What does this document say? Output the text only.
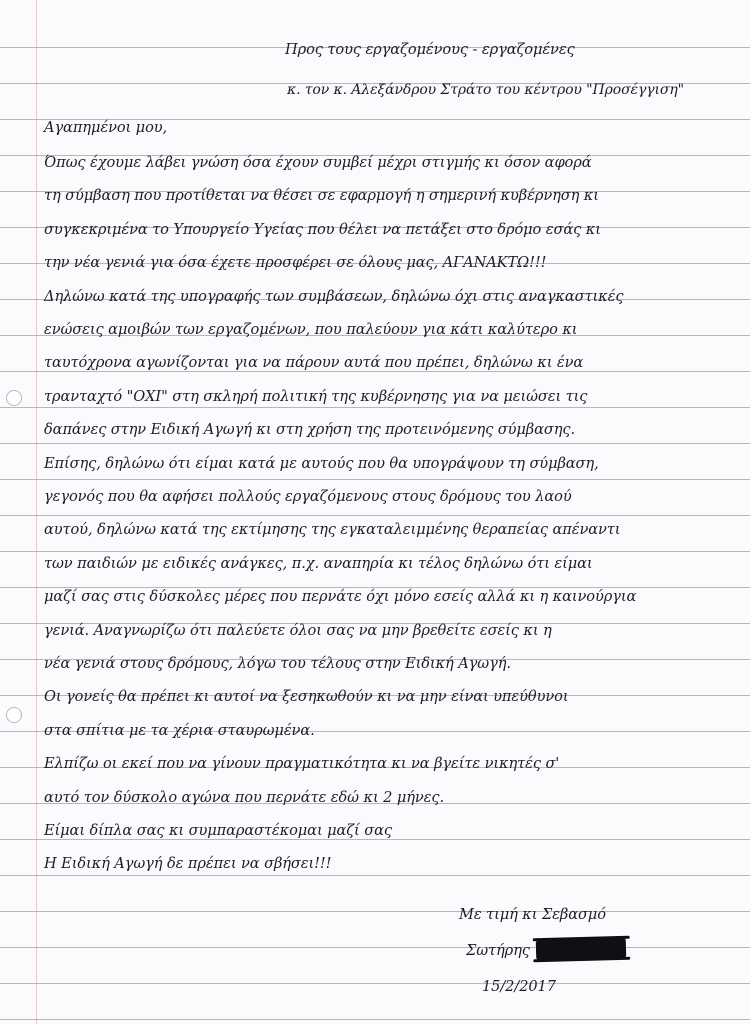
Προς τους εργαζομένους - εργαζομένες
κ. τον κ. Αλεξάνδρου Στράτο του κέντρου "Προσέγγιση"
Αγαπημένοι μου,
Όπως έχουμε λάβει γνώση όσα έχουν συμβεί μέχρι στιγμής κι όσον αφορά
τη σύμβαση που προτίθεται να θέσει σε εφαρμογή η σημερινή κυβέρνηση κι
συγκεκριμένα το Υπουργείο Υγείας που θέλει να πετάξει στο δρόμο εσάς κι
την νέα γενιά για όσα έχετε προσφέρει σε όλους μας, ΑΓΑΝΑΚΤΩ!!!
Δηλώνω κατά της υπογραφής των συμβάσεων, δηλώνω όχι στις αναγκαστικές
ενώσεις αμοιβών των εργαζομένων, που παλεύουν για κάτι καλύτερο κι
ταυτόχρονα αγωνίζονται για να πάρουν αυτά που πρέπει, δηλώνω κι ένα
τρανταχτό "ΟΧΙ" στη σκληρή πολιτική της κυβέρνησης για να μειώσει τις
δαπάνες στην Ειδική Αγωγή κι στη χρήση της προτεινόμενης σύμβασης.
Επίσης, δηλώνω ότι είμαι κατά με αυτούς που θα υπογράψουν τη σύμβαση,
γεγονός που θα αφήσει πολλούς εργαζόμενους στους δρόμους του λαού
αυτού, δηλώνω κατά της εκτίμησης της εγκαταλειμμένης θεραπείας απέναντι
των παιδιών με ειδικές ανάγκες, π.χ. αναπηρία κι τέλος δηλώνω ότι είμαι
μαζί σας στις δύσκολες μέρες που περνάτε όχι μόνο εσείς αλλά κι η καινούργια
γενιά. Αναγνωρίζω ότι παλεύετε όλοι σας να μην βρεθείτε εσείς κι η
νέα γενιά στους δρόμους, λόγω του τέλους στην Ειδική Αγωγή.
Οι γονείς θα πρέπει κι αυτοί να ξεσηκωθούν κι να μην είναι υπεύθυνοι
στα σπίτια με τα χέρια σταυρωμένα.
Ελπίζω οι εκεί που να γίνουν πραγματικότητα κι να βγείτε νικητές σ'
αυτό τον δύσκολο αγώνα που περνάτε εδώ κι 2 μήνες.
Είμαι δίπλα σας κι συμπαραστέκομαι μαζί σας
Η Ειδική Αγωγή δε πρέπει να σβήσει!!!
Με τιμή κι Σεβασμό
Σωτήρης
15/2/2017
